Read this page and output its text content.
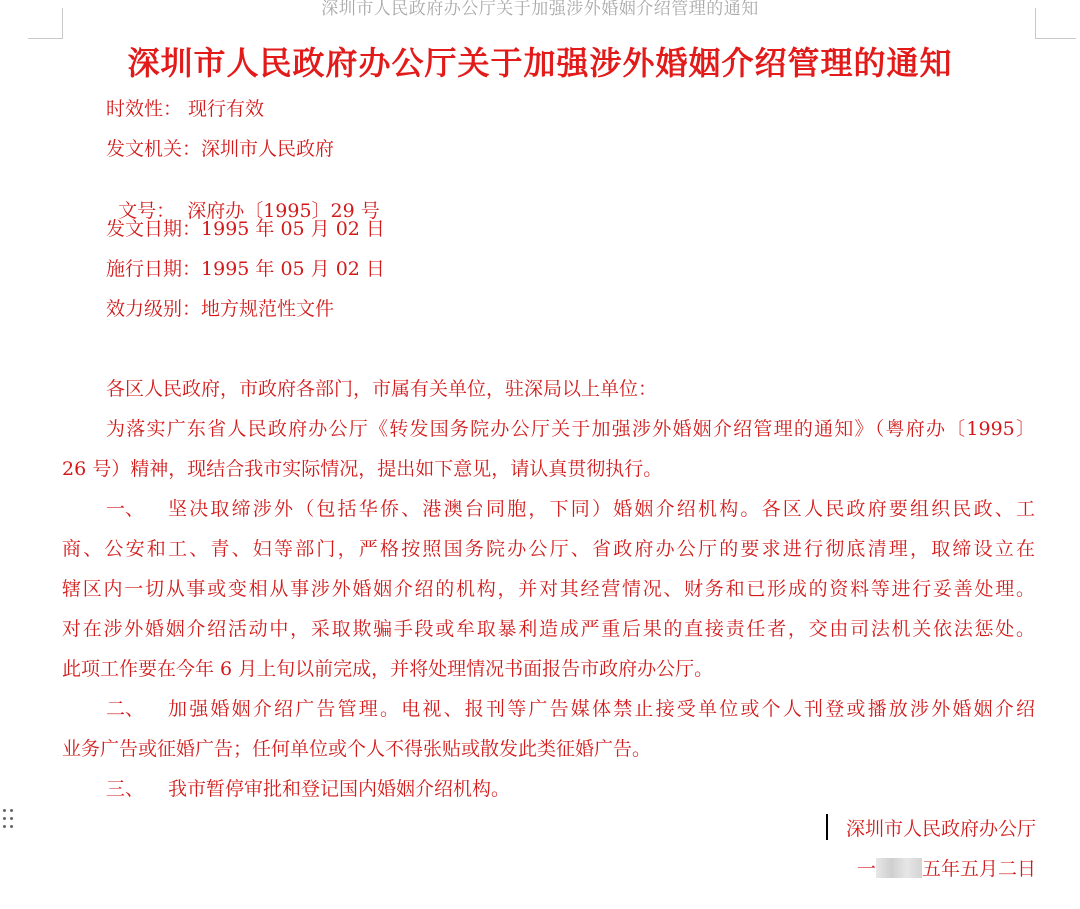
深圳市人民政府办公厅关于加强涉外婚姻介绍管理的通知
深圳市人民政府办公厅关于加强涉外婚姻介绍管理的通知
时效性： 现行有效
发文机关：深圳市人民政府

文号：  深府办〔1995〕29 号

发文日期：1995 年 05 月 02 日
施行日期：1995 年 05 月 02 日
效力级别：地方规范性文件
各区人民政府，市政府各部门，市属有关单位，驻深局以上单位：
为落实广东省人民政府办公厅《转发国务院办公厅关于加强涉外婚姻介绍管理的通知》（粤府办〔1995〕
26 号）精神，现结合我市实际情况，提出如下意见，请认真贯彻执行。
一、	坚决取缔涉外（包括华侨、港澳台同胞，下同）婚姻介绍机构。各区人民政府要组织民政、工
商、公安和工、青、妇等部门，严格按照国务院办公厅、省政府办公厅的要求进行彻底清理，取缔设立在
辖区内一切从事或变相从事涉外婚姻介绍的机构，并对其经营情况、财务和已形成的资料等进行妥善处理。
对在涉外婚姻介绍活动中，采取欺骗手段或牟取暴利造成严重后果的直接责任者，交由司法机关依法惩处。
此项工作要在今年 6 月上旬以前完成，并将处理情况书面报告市政府办公厅。
二、	加强婚姻介绍广告管理。电视、报刊等广告媒体禁止接受单位或个人刊登或播放涉外婚姻介绍
业务广告或征婚广告；任何单位或个人不得张贴或散发此类征婚广告。
三、	我市暂停审批和登记国内婚姻介绍机构。
深圳市人民政府办公厅
一 五年五月二日
